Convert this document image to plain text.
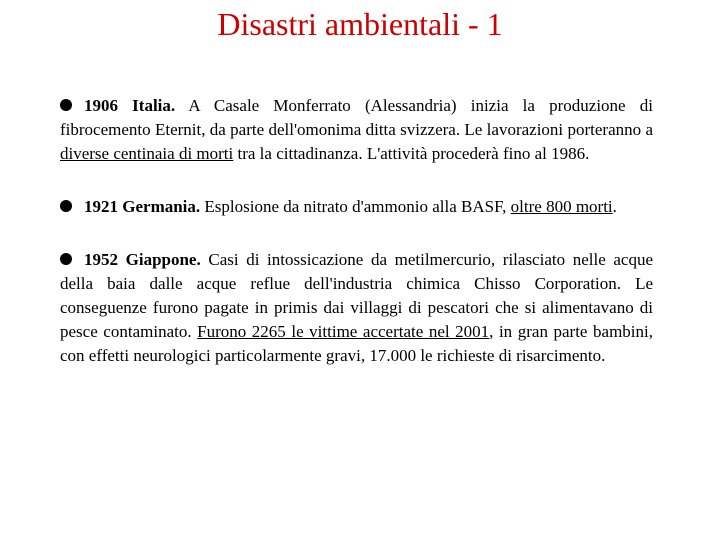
Disastri ambientali - 1
1906 Italia. A Casale Monferrato (Alessandria) inizia la produzione di fibrocemento Eternit, da parte dell'omonima ditta svizzera. Le lavorazioni porteranno a diverse centinaia di morti tra la cittadinanza. L'attività procederà fino al 1986.
1921 Germania. Esplosione da nitrato d'ammonio alla BASF, oltre 800 morti.
1952 Giappone. Casi di intossicazione da metilmercurio, rilasciato nelle acque della baia dalle acque reflue dell'industria chimica Chisso Corporation. Le conseguenze furono pagate in primis dai villaggi di pescatori che si alimentavano di pesce contaminato. Furono 2265 le vittime accertate nel 2001, in gran parte bambini, con effetti neurologici particolarmente gravi, 17.000 le richieste di risarcimento.
